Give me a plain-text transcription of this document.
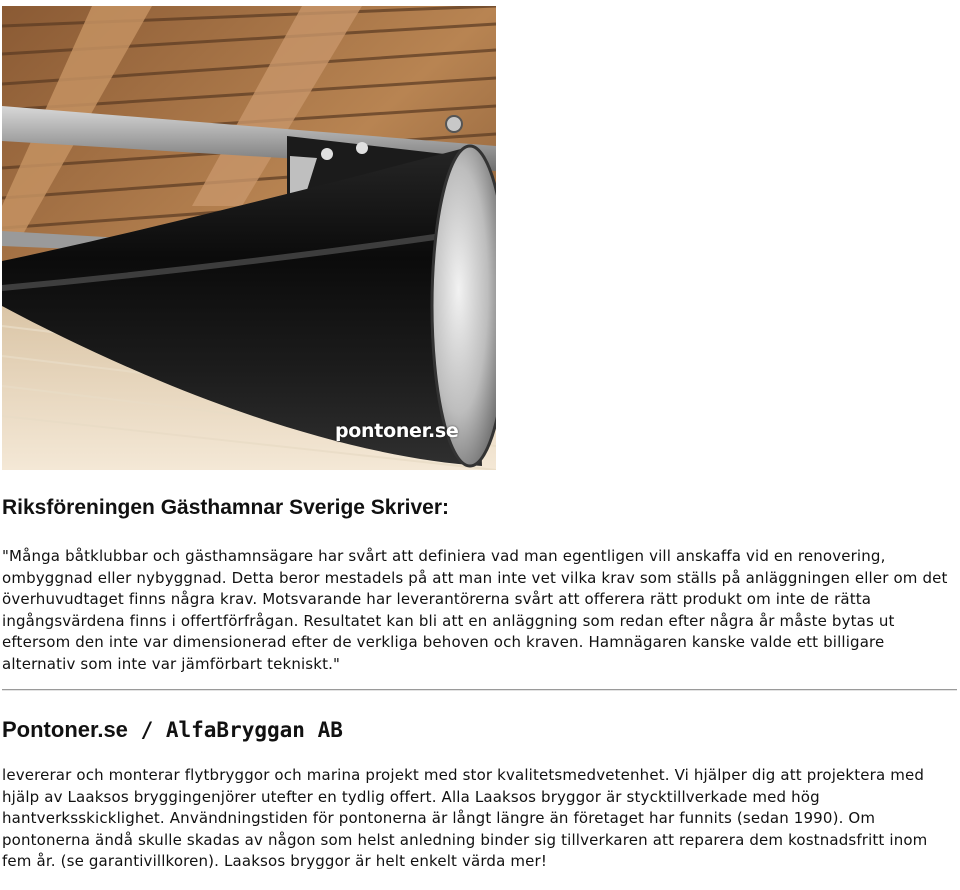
pontoner.se
Riksföreningen Gästhamnar Sverige Skriver:

"Många båtklubbar och gästhamnsägare har svårt att definiera vad man egentligen vill anskaffa vid en renovering, ombyggnad eller nybyggnad. Detta beror mestadels på att man inte vet vilka krav som ställs på anläggningen eller om det överhuvudtaget finns några krav. Motsvarande har leverantörerna svårt att offerera rätt produkt om inte de rätta ingångsvärdena finns i offertförfrågan. Resultatet kan bli att en anläggning som redan efter några år måste bytas ut eftersom den inte var dimensionerad efter de verkliga behoven och kraven. Hamnägaren kanske valde ett billigare alternativ som inte var jämförbart tekniskt."

Pontoner.se / AlfaBryggan AB

levererar och monterar flytbryggor och marina projekt med stor kvalitetsmedvetenhet. Vi hjälper dig att projektera med hjälp av Laaksos bryggingenjörer utefter en tydlig offert. Alla Laaksos bryggor är stycktillverkade med hög hantverksskicklighet. Användningstiden för pontonerna är långt längre än företaget har funnits (sedan 1990). Om pontonerna ändå skulle skadas av någon som helst anledning binder sig tillverkaren att reparera dem kostnadsfritt inom fem år. (se garantivillkoren). Laaksos bryggor är helt enkelt värda mer!
